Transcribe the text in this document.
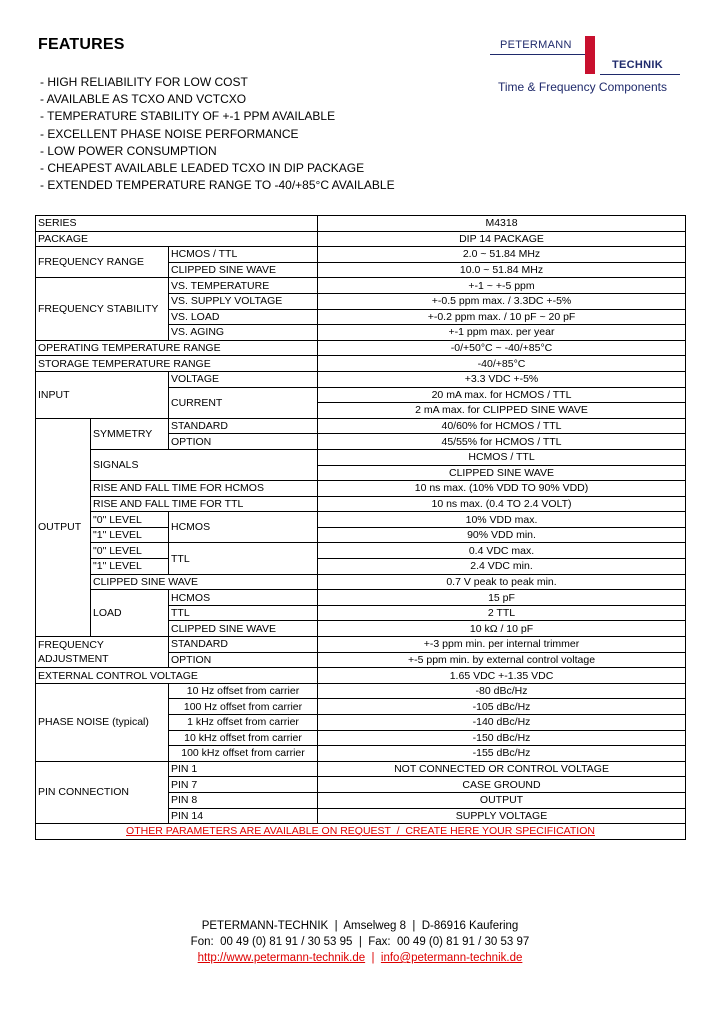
FEATURES	PETERMANN
TECHNIK
Time & Frequency Components
- HIGH RELIABILITY FOR LOW COST
- AVAILABLE AS TCXO AND VCTCXO
- TEMPERATURE STABILITY OF +-1 PPM AVAILABLE
- EXCELLENT PHASE NOISE PERFORMANCE
- LOW POWER CONSUMPTION
- CHEAPEST AVAILABLE LEADED TCXO IN DIP PACKAGE
- EXTENDED TEMPERATURE RANGE TO -40/+85°C AVAILABLE
SERIES			M4318
PACKAGE			DIP 14 PACKAGE
FREQUENCY RANGE		HCMOS / TTL	2.0 ~ 51.84 MHz
		CLIPPED SINE WAVE	10.0 ~ 51.84 MHz
FREQUENCY STABILITY		VS. TEMPERATURE	+-1 ~ +-5 ppm
		VS. SUPPLY VOLTAGE	+-0.5 ppm max. / 3.3DC +-5%
		VS. LOAD	+-0.2 ppm max. / 10 pF ~ 20 pF
		VS. AGING	+-1 ppm max. per year
OPERATING TEMPERATURE RANGE			-0/+50°C ~ -40/+85°C
STORAGE TEMPERATURE RANGE			-40/+85°C
INPUT		VOLTAGE	+3.3 VDC +-5%
		CURRENT	20 mA max. for HCMOS / TTL
			2 mA max. for CLIPPED SINE WAVE
OUTPUT	SYMMETRY	STANDARD	40/60% for HCMOS / TTL
		OPTION	45/55% for HCMOS / TTL
	SIGNALS		HCMOS / TTL
			CLIPPED SINE WAVE
	RISE AND FALL TIME FOR HCMOS		10 ns max. (10% VDD TO 90% VDD)
	RISE AND FALL TIME FOR TTL		10 ns max. (0.4 TO 2.4 VOLT)
	"0" LEVEL	HCMOS	10% VDD max.
	"1" LEVEL		90% VDD min.
	"0" LEVEL	TTL	0.4 VDC max.
	"1" LEVEL		2.4 VDC min.
	CLIPPED SINE WAVE		0.7 V peak to peak min.
	LOAD	HCMOS	15 pF
		TTL	2 TTL
		CLIPPED SINE WAVE	10 kΩ / 10 pF
FREQUENCY ADJUSTMENT		STANDARD	+-3 ppm min. per internal trimmer
		OPTION	+-5 ppm min. by external control voltage
EXTERNAL CONTROL VOLTAGE			1.65 VDC +-1.35 VDC
PHASE NOISE (typical)		10 Hz offset from carrier	-80 dBc/Hz
		100 Hz offset from carrier	-105 dBc/Hz
		1 kHz offset from carrier	-140 dBc/Hz
		10 kHz offset from carrier	-150 dBc/Hz
		100 kHz offset from carrier	-155 dBc/Hz
PIN CONNECTION		PIN 1	NOT CONNECTED OR CONTROL VOLTAGE
		PIN 7	CASE GROUND
		PIN 8	OUTPUT
		PIN 14	SUPPLY VOLTAGE
OTHER PARAMETERS ARE AVAILABLE ON REQUEST  /  CREATE HERE YOUR SPECIFICATION			
PETERMANN-TECHNIK  |  Amselweg 8  |  D-86916 Kaufering
Fon:  00 49 (0) 81 91 / 30 53 95  |  Fax:  00 49 (0) 81 91 / 30 53 97
http://www.petermann-technik.de  |  info@petermann-technik.de
